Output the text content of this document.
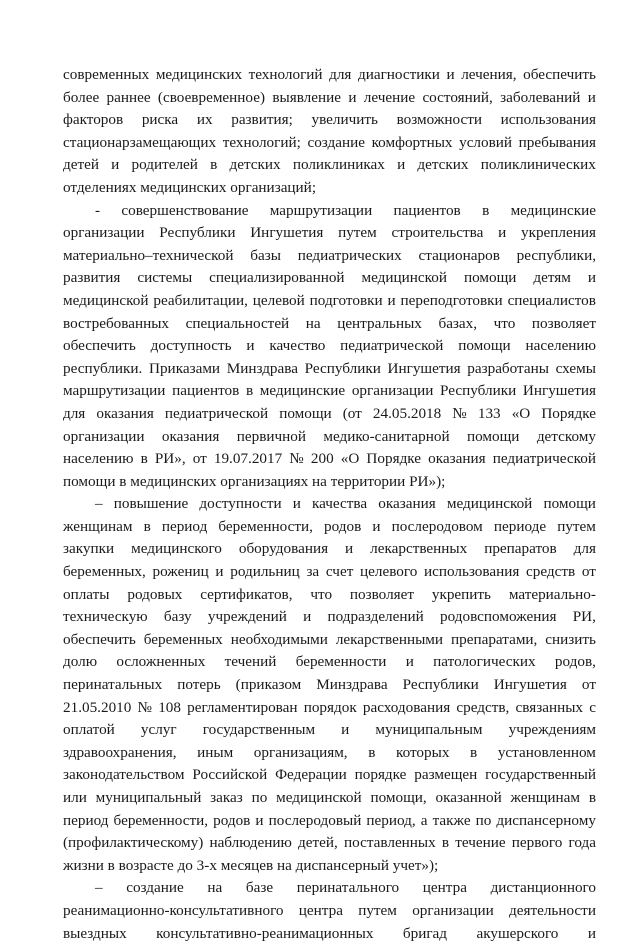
современных медицинских технологий для диагностики и лечения, обеспечить
более раннее (своевременное) выявление и лечение состояний, заболеваний и
факторов риска их развития; увеличить возможности использования
стационарзамещающих технологий; создание комфортных условий пребывания
детей и родителей в детских поликлиниках и детских поликлинических
отделениях медицинских организаций;
- совершенствование маршрутизации пациентов в медицинские
организации Республики Ингушетия путем строительства и укрепления
материально–технической базы педиатрических стационаров республики,
развития системы специализированной медицинской помощи детям и
медицинской реабилитации, целевой подготовки и переподготовки специалистов
востребованных специальностей на центральных базах, что позволяет
обеспечить доступность и качество педиатрической помощи населению
республики. Приказами Минздрава Республики Ингушетия разработаны схемы
маршрутизации пациентов в медицинские организации Республики Ингушетия
для оказания педиатрической помощи (от 24.05.2018 № 133 «О Порядке
организации оказания первичной медико-санитарной помощи детскому
населению в РИ», от 19.07.2017 № 200 «О Порядке оказания педиатрической
помощи в медицинских организациях на территории РИ»);
– повышение доступности и качества оказания медицинской помощи
женщинам в период беременности, родов и послеродовом периоде путем
закупки медицинского оборудования и лекарственных препаратов для
беременных, рожениц и родильниц за счет целевого использования средств от
оплаты родовых сертификатов, что позволяет укрепить материально-
техническую базу учреждений и подразделений родовспоможения РИ,
обеспечить беременных необходимыми лекарственными препаратами, снизить
долю осложненных течений беременности и патологических родов,
перинатальных потерь (приказом Минздрава Республики Ингушетия от
21.05.2010 № 108 регламентирован порядок расходования средств, связанных с
оплатой услуг государственным и муниципальным учреждениям
здравоохранения, иным организациям, в которых в установленном
законодательством Российской Федерации порядке размещен государственный
или муниципальный заказ по медицинской помощи, оказанной женщинам в
период беременности, родов и послеродовый период, а также по диспансерному
(профилактическому) наблюдению детей, поставленных в течение первого года
жизни в возрасте до 3-х месяцев на диспансерный учет»);
– создание на базе перинатального центра дистанционного
реанимационно-консультативного центра путем организации деятельности
выездных консультативно-реанимационных бригад акушерского и
